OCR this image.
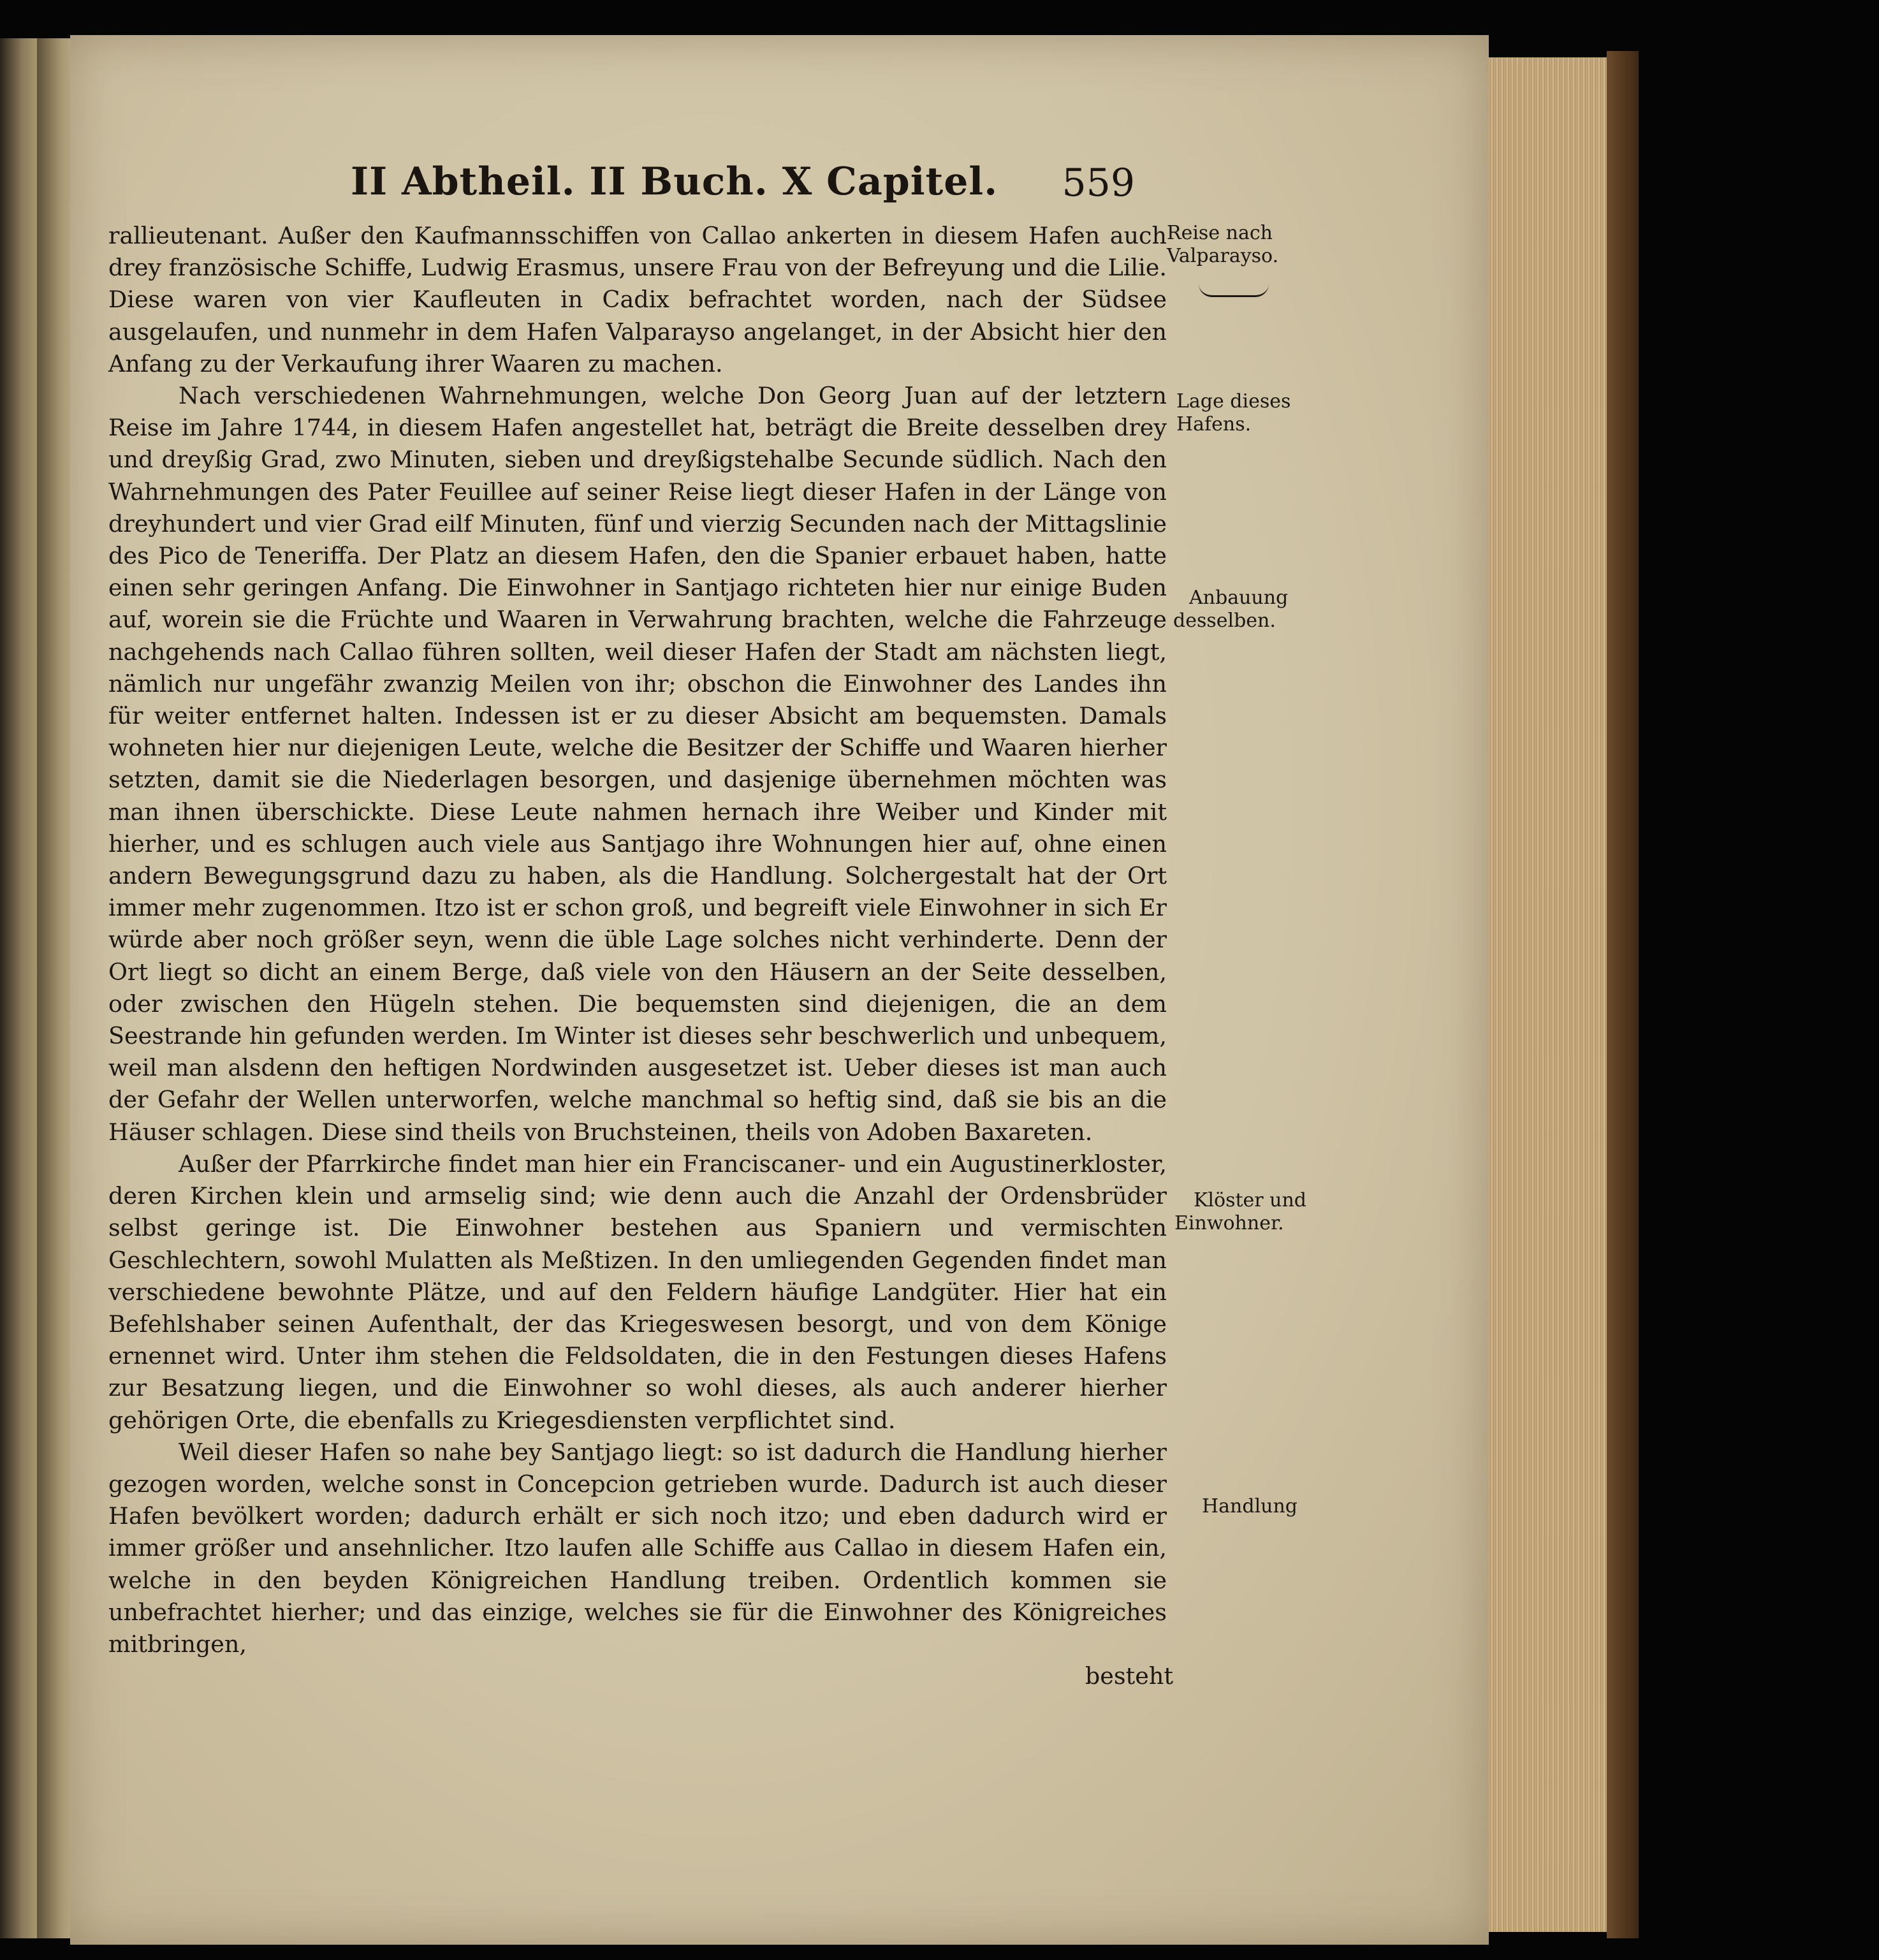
II Abtheil. II Buch. X Capitel. 559

rallieutenant. Außer den Kaufmannsschiffen von Callao ankerten in diesem Hafen auch drey französische Schiffe, Ludwig Erasmus, unsere Frau von der Befreyung und die Lilie. Diese waren von vier Kaufleuten in Cadix befrachtet worden, nach der Südsee ausgelaufen, und nunmehr in dem Hafen Valparayso angelanget, in der Absicht hier den Anfang zu der Verkaufung ihrer Waaren zu machen.

Nach verschiedenen Wahrnehmungen, welche Don Georg Juan auf der letztern Reise im Jahre 1744, in diesem Hafen angestellet hat, beträgt die Breite desselben drey und dreyßig Grad, zwo Minuten, sieben und dreyßigstehalbe Secunde südlich. Nach den Wahrnehmungen des Pater Feuillee auf seiner Reise liegt dieser Hafen in der Länge von dreyhundert und vier Grad eilf Minuten, fünf und vierzig Secunden nach der Mittagslinie des Pico de Teneriffa. Der Platz an diesem Hafen, den die Spanier erbauet haben, hatte einen sehr geringen Anfang. Die Einwohner in Santjago richteten hier nur einige Buden auf, worein sie die Früchte und Waaren in Verwahrung brachten, welche die Fahrzeuge nachgehends nach Callao führen sollten, weil dieser Hafen der Stadt am nächsten liegt, nämlich nur ungefähr zwanzig Meilen von ihr; obschon die Einwohner des Landes ihn für weiter entfernet halten. Indessen ist er zu dieser Absicht am bequemsten. Damals wohneten hier nur diejenigen Leute, welche die Besitzer der Schiffe und Waaren hierher setzten, damit sie die Niederlagen besorgen, und dasjenige übernehmen möchten was man ihnen überschickte. Diese Leute nahmen hernach ihre Weiber und Kinder mit hierher, und es schlugen auch viele aus Santjago ihre Wohnungen hier auf, ohne einen andern Bewegungsgrund dazu zu haben, als die Handlung. Solchergestalt hat der Ort immer mehr zugenommen. Itzo ist er schon groß, und begreift viele Einwohner in sich Er würde aber noch größer seyn, wenn die üble Lage solches nicht verhinderte. Denn der Ort liegt so dicht an einem Berge, daß viele von den Häusern an der Seite desselben, oder zwischen den Hügeln stehen. Die bequemsten sind diejenigen, die an dem Seestrande hin gefunden werden. Im Winter ist dieses sehr beschwerlich und unbequem, weil man alsdenn den heftigen Nordwinden ausgesetzet ist. Ueber dieses ist man auch der Gefahr der Wellen unterworfen, welche manchmal so heftig sind, daß sie bis an die Häuser schlagen. Diese sind theils von Bruchsteinen, theils von Adoben Baxareten.

Außer der Pfarrkirche findet man hier ein Franciscaner- und ein Augustinerkloster, deren Kirchen klein und armselig sind; wie denn auch die Anzahl der Ordensbrüder selbst geringe ist. Die Einwohner bestehen aus Spaniern und vermischten Geschlechtern, sowohl Mulatten als Meßtizen. In den umliegenden Gegenden findet man verschiedene bewohnte Plätze, und auf den Feldern häufige Landgüter. Hier hat ein Befehlshaber seinen Aufenthalt, der das Kriegeswesen besorgt, und von dem Könige ernennet wird. Unter ihm stehen die Feldsoldaten, die in den Festungen dieses Hafens zur Besatzung liegen, und die Einwohner so wohl dieses, als auch anderer hierher gehörigen Orte, die ebenfalls zu Kriegesdiensten verpflichtet sind.

Weil dieser Hafen so nahe bey Santjago liegt: so ist dadurch die Handlung hierher gezogen worden, welche sonst in Concepcion getrieben wurde. Dadurch ist auch dieser Hafen bevölkert worden; dadurch erhält er sich noch itzo; und eben dadurch wird er immer größer und ansehnlicher. Itzo laufen alle Schiffe aus Callao in diesem Hafen ein, welche in den beyden Königreichen Handlung treiben. Ordentlich kommen sie unbefrachtet hierher; und das einzige, welches sie für die Einwohner des Königreiches mitbringen,

besteht

Reise nach
Valparayso.
Lage dieses
Hafens.
Anbauung
desselben.
Klöster und
Einwohner.
Handlung
